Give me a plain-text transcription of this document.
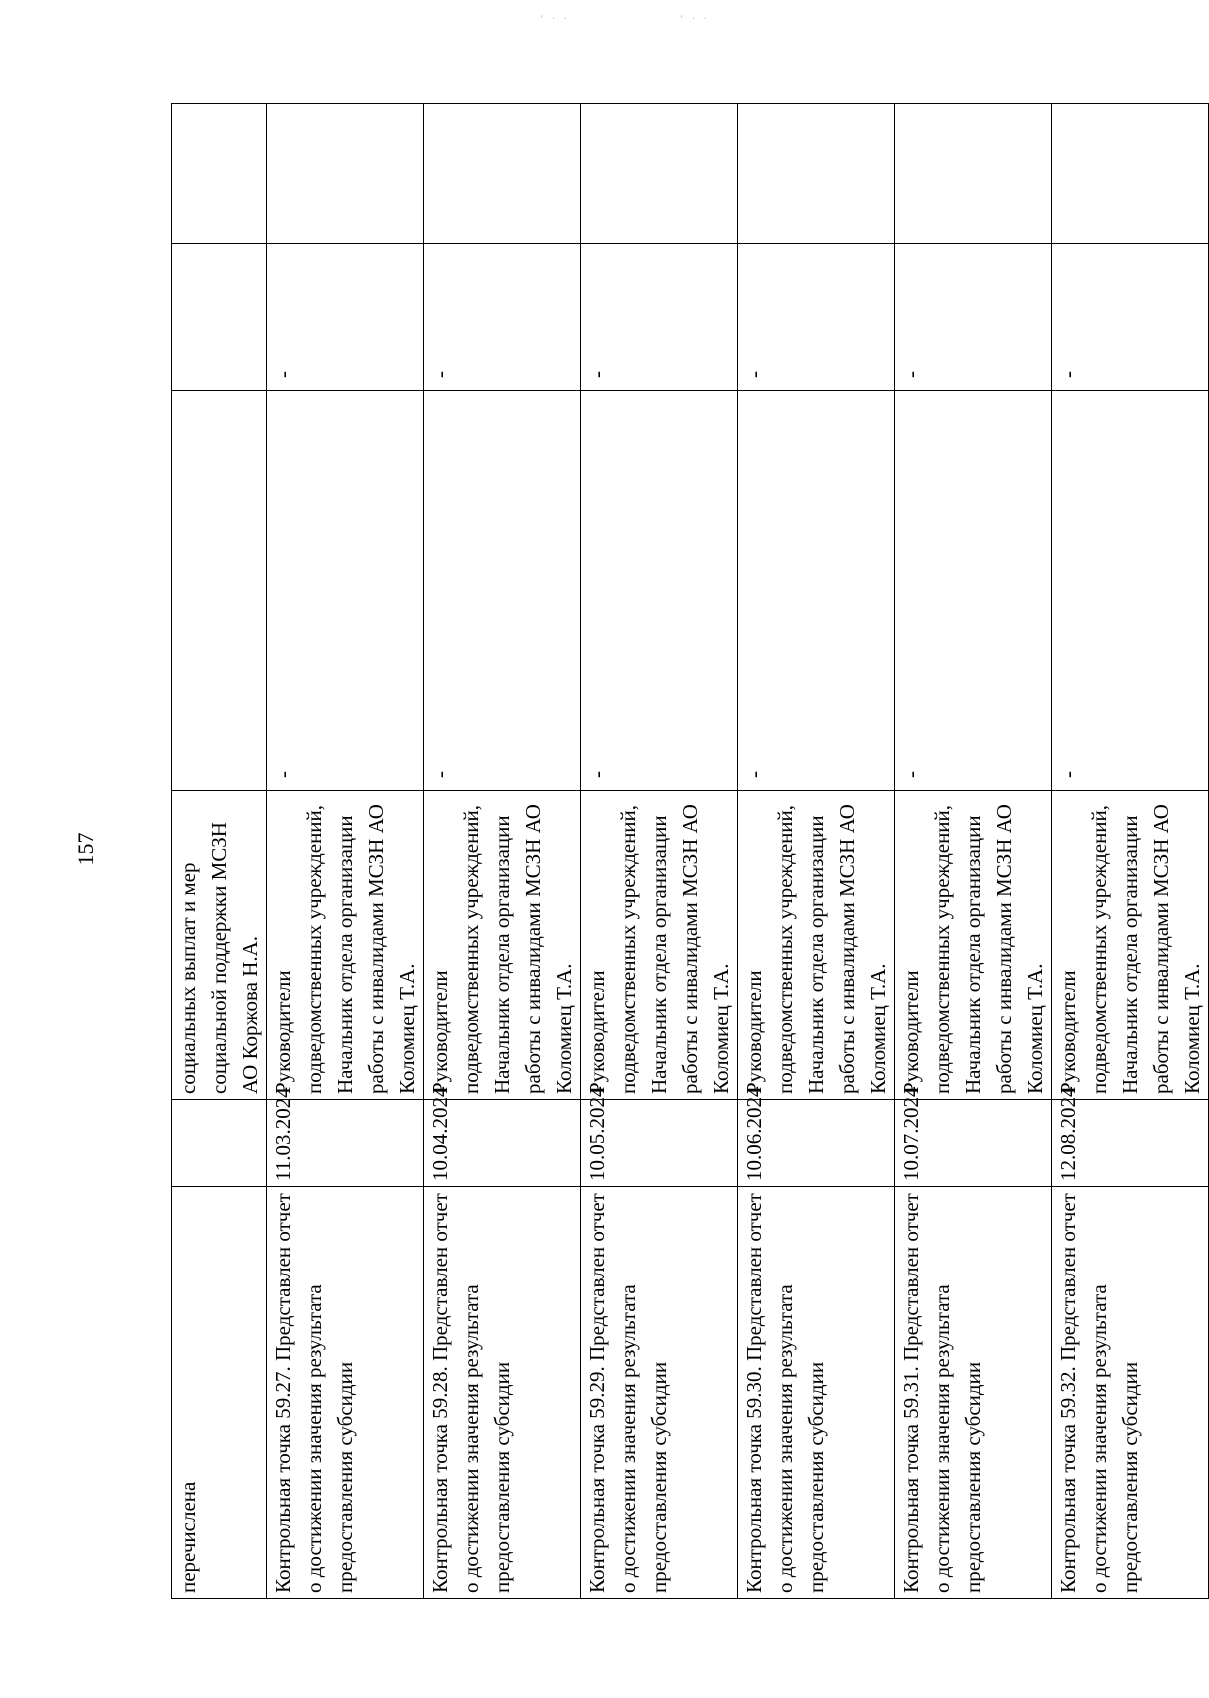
‘ · ·	‘ · ·
157
перечислена		социальных выплат и мер социальной поддержки МСЗН АО Коржова Н.А.			
Контрольная точка 59.27. Представлен отчет о достижении значения результата предоставления субсидии	11.03.2024	Руководители подведомственных учреждений, Начальник отдела организации работы с инвалидами МСЗН АО Коломиец Т.А.	-	-	
Контрольная точка 59.28. Представлен отчет о достижении значения результата предоставления субсидии	10.04.2024	Руководители подведомственных учреждений, Начальник отдела организации работы с инвалидами МСЗН АО Коломиец Т.А.	-	-	
Контрольная точка 59.29. Представлен отчет о достижении значения результата предоставления субсидии	10.05.2024	Руководители подведомственных учреждений, Начальник отдела организации работы с инвалидами МСЗН АО Коломиец Т.А.	-	-	
Контрольная точка 59.30. Представлен отчет о достижении значения результата предоставления субсидии	10.06.2024	Руководители подведомственных учреждений, Начальник отдела организации работы с инвалидами МСЗН АО Коломиец Т.А.	-	-	
Контрольная точка 59.31. Представлен отчет о достижении значения результата предоставления субсидии	10.07.2024	Руководители подведомственных учреждений, Начальник отдела организации работы с инвалидами МСЗН АО Коломиец Т.А.	-	-	
Контрольная точка 59.32. Представлен отчет о достижении значения результата предоставления субсидии	12.08.2024	Руководители подведомственных учреждений, Начальник отдела организации работы с инвалидами МСЗН АО Коломиец Т.А.	-	-	
